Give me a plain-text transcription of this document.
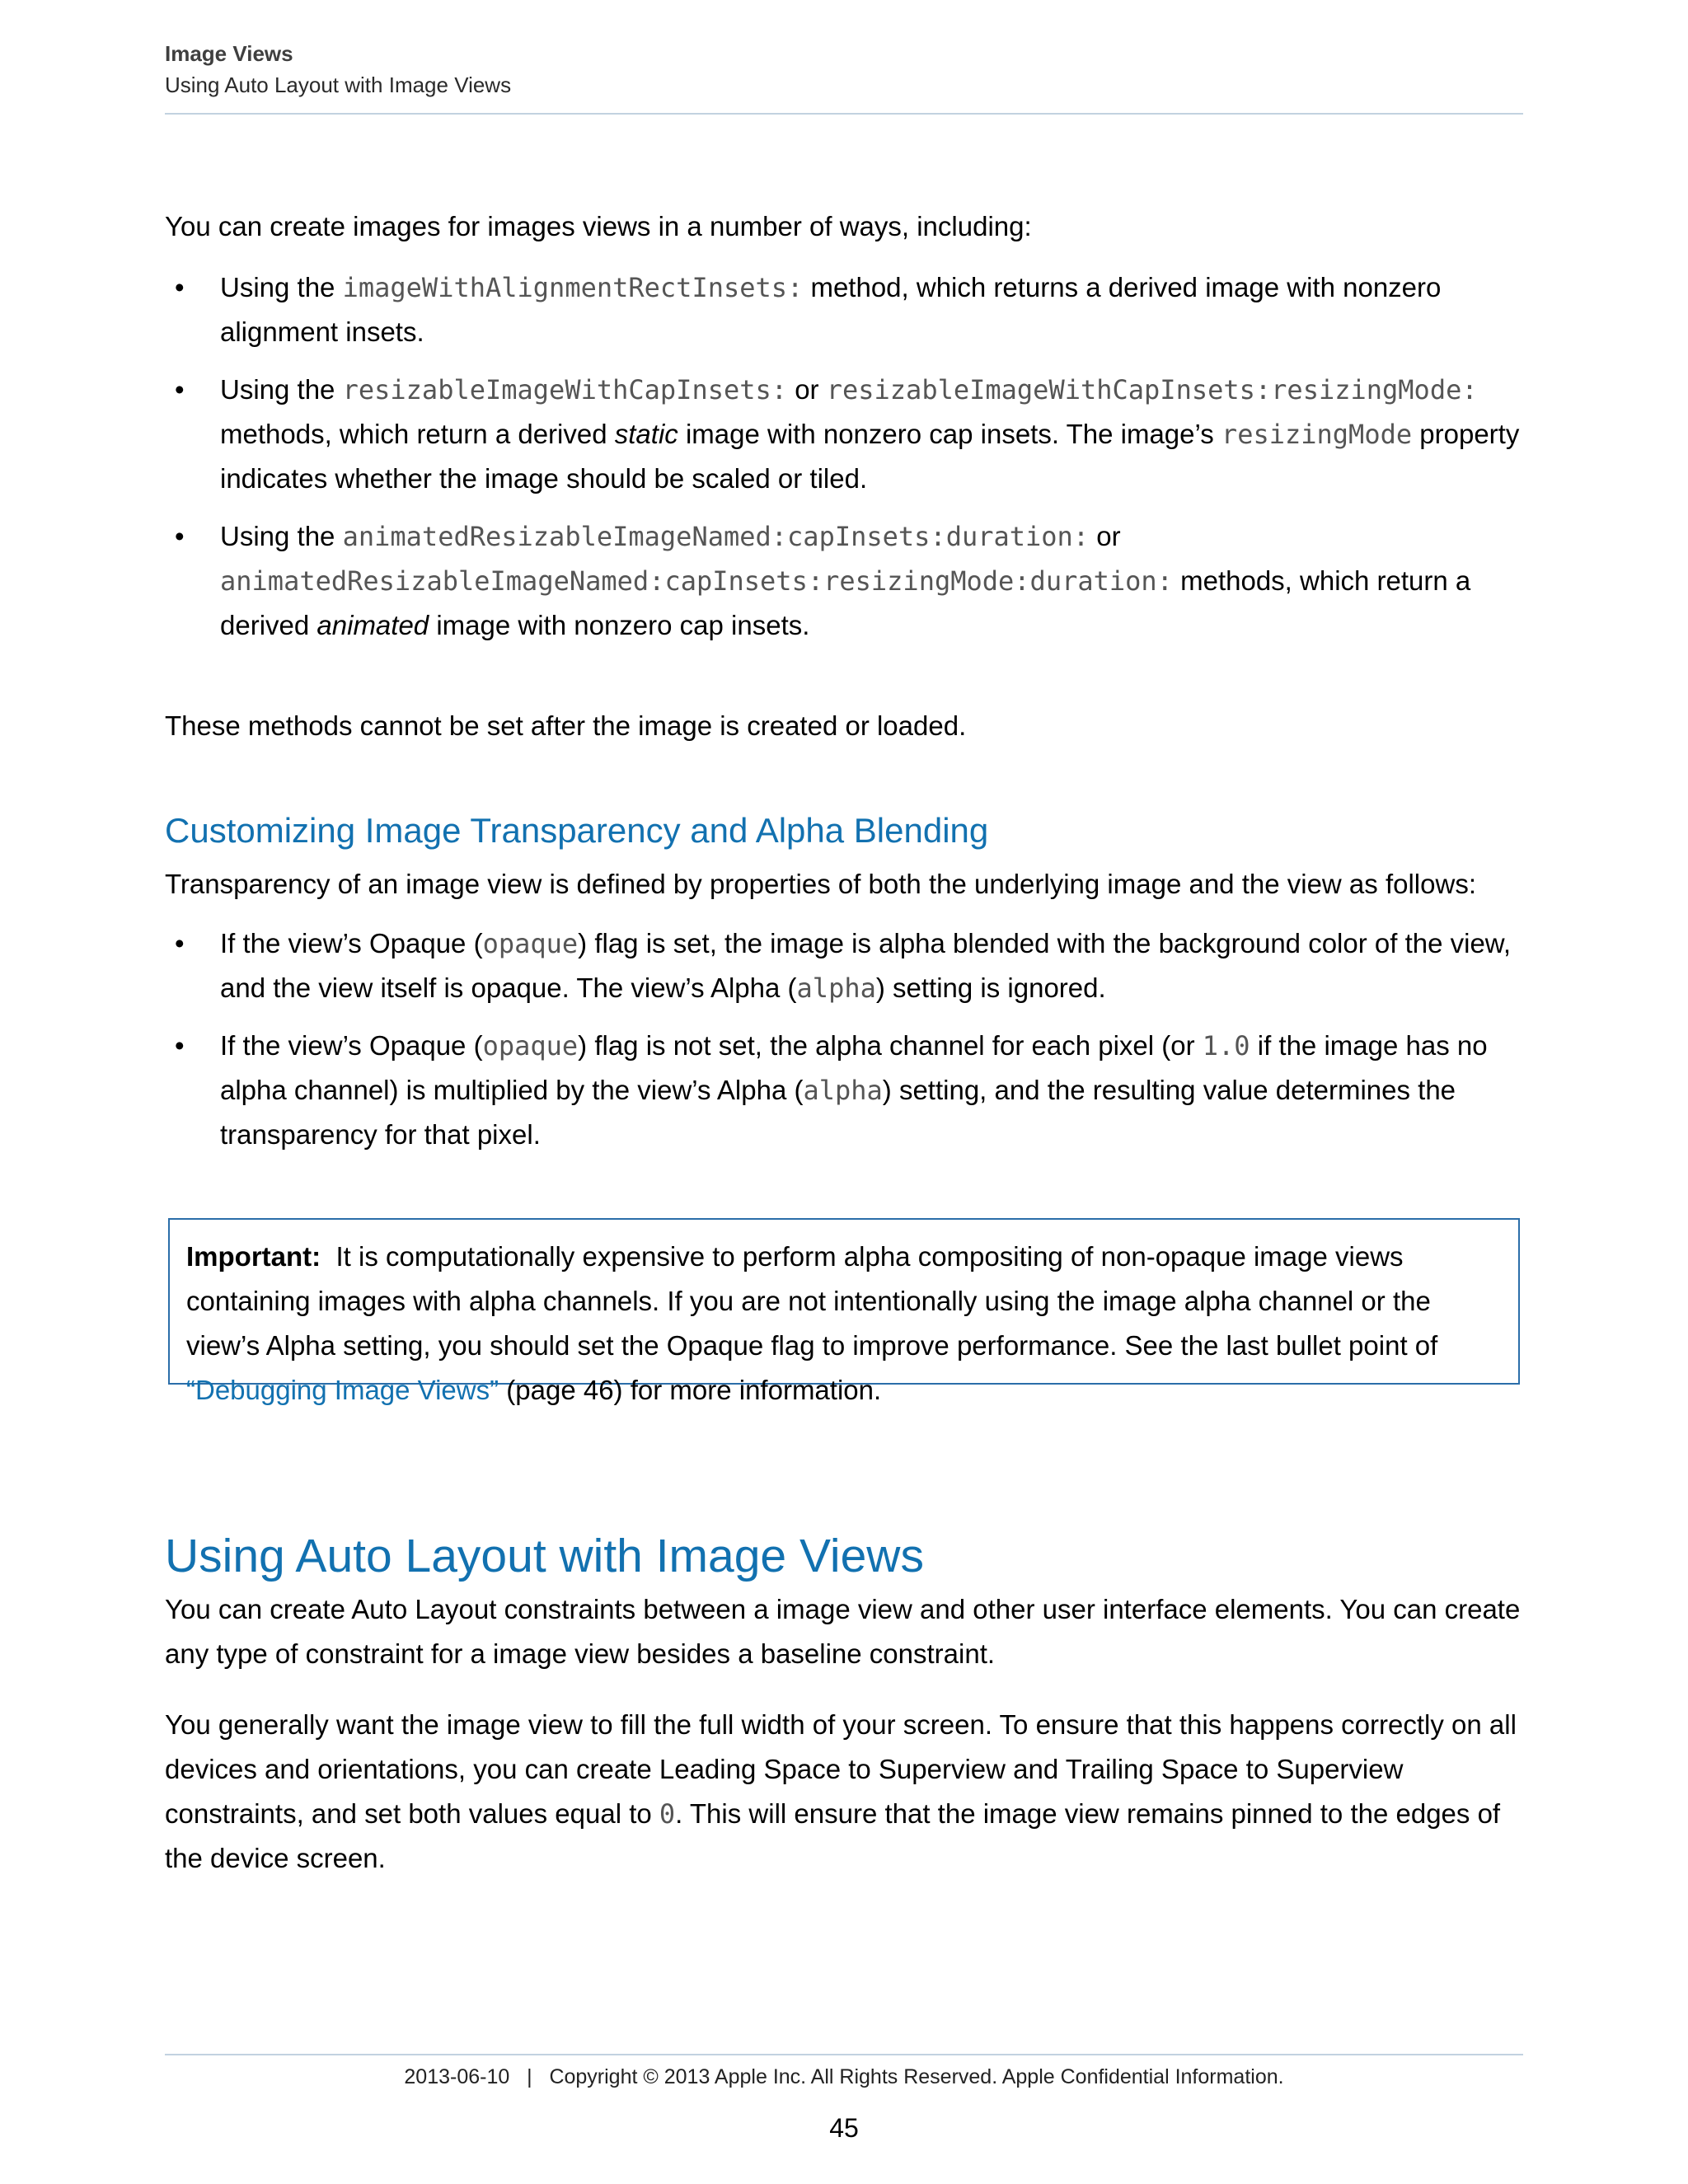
Image Views
Using Auto Layout with Image Views

You can create images for images views in a number of ways, including:

• Using the imageWithAlignmentRectInsets: method, which returns a derived image with nonzero alignment insets.
• Using the resizableImageWithCapInsets: or resizableImageWithCapInsets:resizingMode: methods, which return a derived static image with nonzero cap insets. The image’s resizingMode property indicates whether the image should be scaled or tiled.
• Using the animatedResizableImageNamed:capInsets:duration: or animatedResizableImageNamed:capInsets:resizingMode:duration: methods, which return a derived animated image with nonzero cap insets.

These methods cannot be set after the image is created or loaded.

Customizing Image Transparency and Alpha Blending

Transparency of an image view is defined by properties of both the underlying image and the view as follows:

• If the view’s Opaque (opaque) flag is set, the image is alpha blended with the background color of the view, and the view itself is opaque. The view’s Alpha (alpha) setting is ignored.
• If the view’s Opaque (opaque) flag is not set, the alpha channel for each pixel (or 1.0 if the image has no alpha channel) is multiplied by the view’s Alpha (alpha) setting, and the resulting value determines the transparency for that pixel.

Important: It is computationally expensive to perform alpha compositing of non-opaque image views containing images with alpha channels. If you are not intentionally using the image alpha channel or the view’s Alpha setting, you should set the Opaque flag to improve performance. See the last bullet point of “Debugging Image Views” (page 46) for more information.

Using Auto Layout with Image Views

You can create Auto Layout constraints between a image view and other user interface elements. You can create any type of constraint for a image view besides a baseline constraint.

You generally want the image view to fill the full width of your screen. To ensure that this happens correctly on all devices and orientations, you can create Leading Space to Superview and Trailing Space to Superview constraints, and set both values equal to 0. This will ensure that the image view remains pinned to the edges of the device screen.

2013-06-10   |   Copyright © 2013 Apple Inc. All Rights Reserved. Apple Confidential Information.
45
